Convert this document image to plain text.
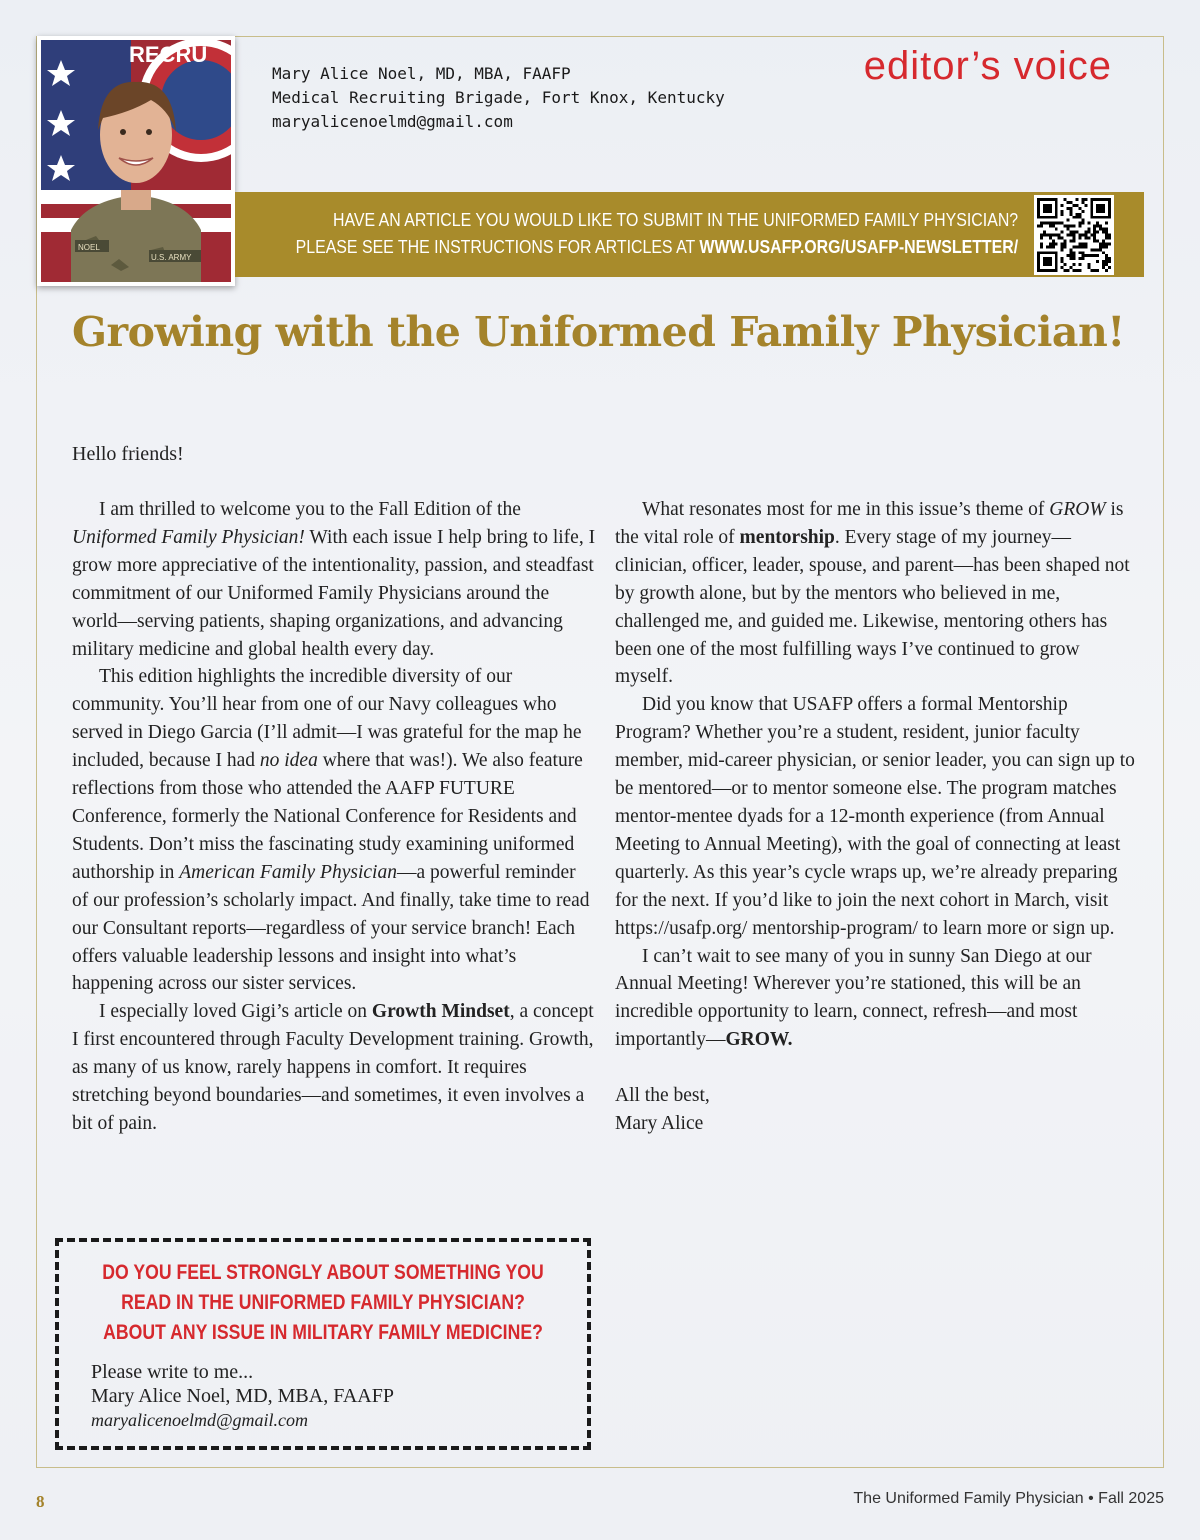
RECRU
NOEL
U.S. ARMY
Mary Alice Noel, MD, MBA, FAAFP
Medical Recruiting Brigade, Fort Knox, Kentucky
maryalicenoelmd@gmail.com
editor’s voice
HAVE AN ARTICLE YOU WOULD LIKE TO SUBMIT IN THE UNIFORMED FAMILY PHYSICIAN?
PLEASE SEE THE INSTRUCTIONS FOR ARTICLES AT WWW.USAFP.ORG/USAFP-NEWSLETTER/
Growing with the Uniformed Family Physician!

Hello friends!

I am thrilled to welcome you to the Fall Edition of the Uniformed Family Physician! With each issue I help bring to life, I grow more appreciative of the intentionality, passion, and steadfast commitment of our Uniformed Family Physicians around the world—serving patients, shaping organizations, and advancing military medicine and global health every day.

This edition highlights the incredible diversity of our community. You’ll hear from one of our Navy colleagues who served in Diego Garcia (I’ll admit—I was grateful for the map he included, because I had no idea where that was!). We also feature reflections from those who attended the AAFP FUTURE Conference, formerly the National Conference for Residents and Students. Don’t miss the fascinating study examining uniformed authorship in American Family Physician—a powerful reminder of our profession’s scholarly impact. And finally, take time to read our Consultant reports—regardless of your service branch! Each offers valuable leadership lessons and insight into what’s happening across our sister services.

I especially loved Gigi’s article on Growth Mindset, a concept I first encountered through Faculty Development training. Growth, as many of us know, rarely happens in comfort. It requires stretching beyond boundaries—and sometimes, it even involves a bit of pain.

What resonates most for me in this issue’s theme of GROW is the vital role of mentorship. Every stage of my journey—clinician, officer, leader, spouse, and parent—has been shaped not by growth alone, but by the mentors who believed in me, challenged me, and guided me. Likewise, mentoring others has been one of the most fulfilling ways I’ve continued to grow myself.

Did you know that USAFP offers a formal Mentorship Program? Whether you’re a student, resident, junior faculty member, mid-career physician, or senior leader, you can sign up to be mentored—or to mentor someone else. The program matches mentor-mentee dyads for a 12-month experience (from Annual Meeting to Annual Meeting), with the goal of connecting at least quarterly. As this year’s cycle wraps up, we’re already preparing for the next. If you’d like to join the next cohort in March, visit https://usafp.org/ mentorship-program/ to learn more or sign up.

I can’t wait to see many of you in sunny San Diego at our Annual Meeting! Wherever you’re stationed, this will be an incredible opportunity to learn, connect, refresh—and most importantly—GROW.

All the best,

Mary Alice

DO YOU FEEL STRONGLY ABOUT SOMETHING YOU READ IN THE UNIFORMED FAMILY PHYSICIAN? ABOUT ANY ISSUE IN MILITARY FAMILY MEDICINE?
Please write to me...
Mary Alice Noel, MD, MBA, FAAFP
maryalicenoelmd@gmail.com
8	The Uniformed Family Physician • Fall 2025
